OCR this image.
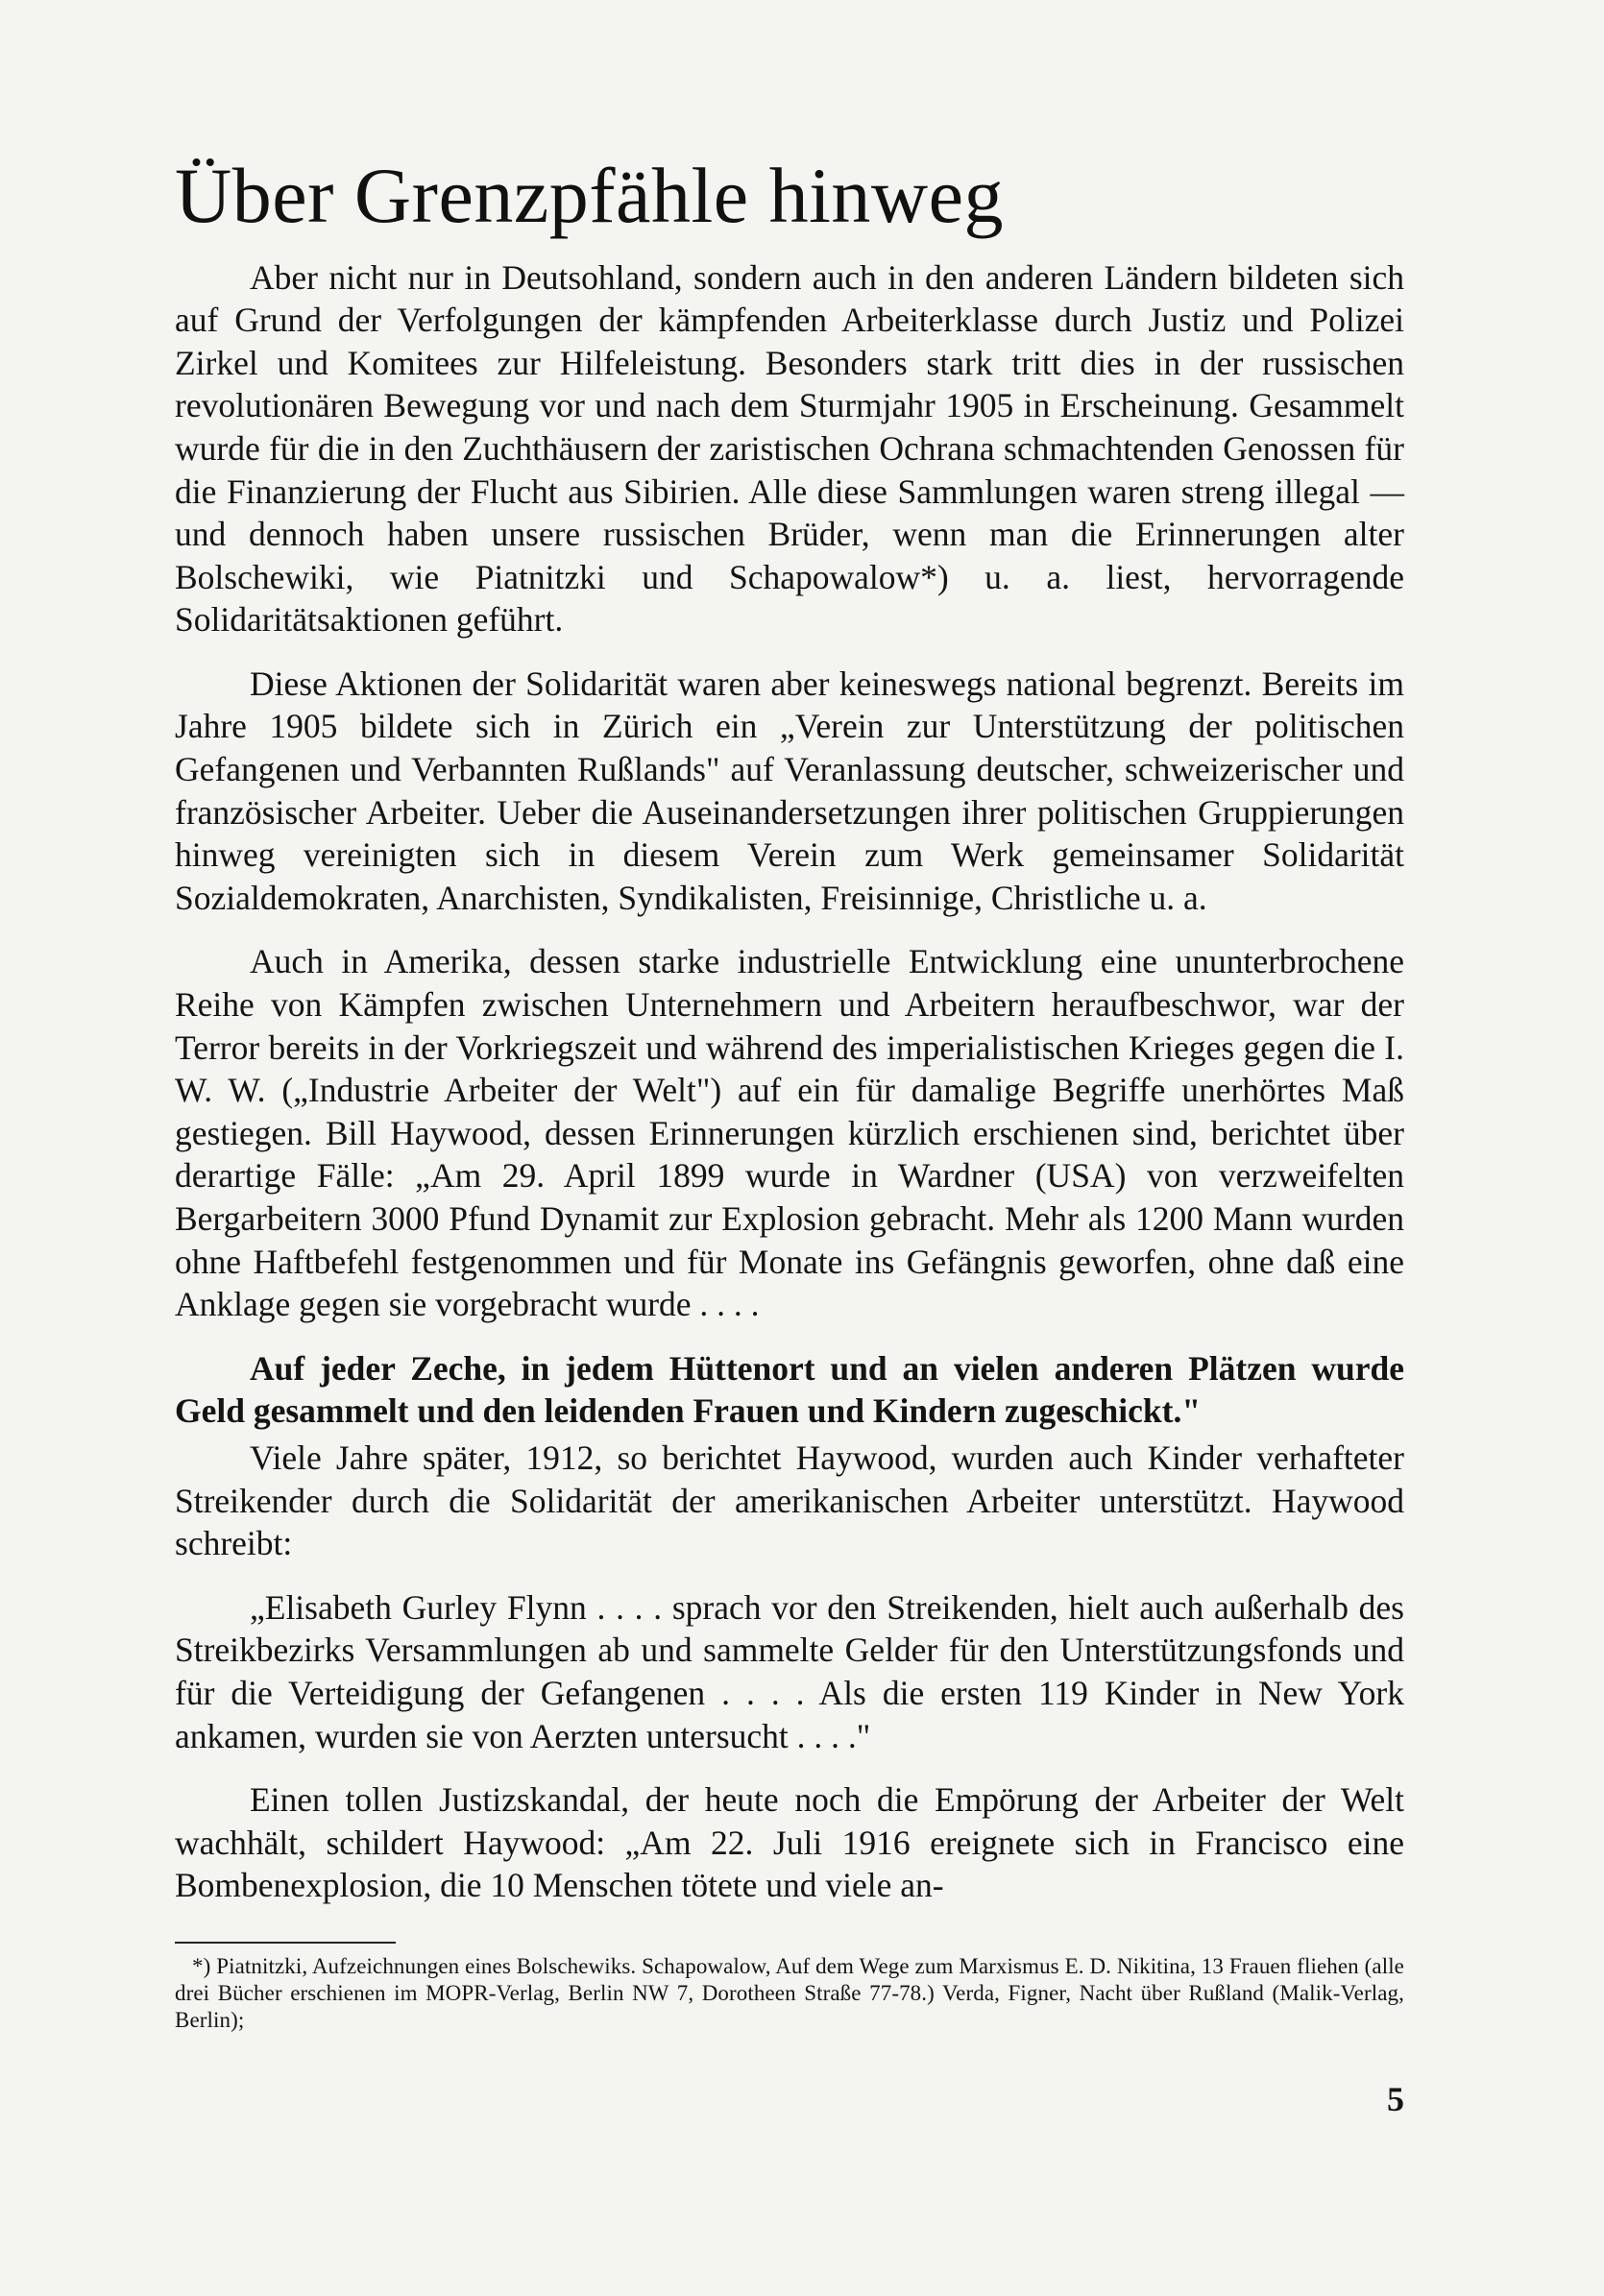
Über Grenzpfähle hinweg

Aber nicht nur in Deutsohland, sondern auch in den anderen Ländern bildeten sich auf Grund der Verfolgungen der kämpfenden Arbeiterklasse durch Justiz und Polizei Zirkel und Komitees zur Hilfeleistung. Besonders stark tritt dies in der russischen revolutionären Bewegung vor und nach dem Sturmjahr 1905 in Erscheinung. Gesammelt wurde für die in den Zuchthäusern der zaristischen Ochrana schmachtenden Genossen für die Finanzierung der Flucht aus Sibirien. Alle diese Sammlungen waren streng illegal — und dennoch haben unsere russischen Brüder, wenn man die Erinnerungen alter Bolschewiki, wie Piatnitzki und Schapowalow*) u. a. liest, hervorragende Solidaritätsaktionen geführt.

Diese Aktionen der Solidarität waren aber keineswegs national begrenzt. Bereits im Jahre 1905 bildete sich in Zürich ein „Verein zur Unterstützung der politischen Gefangenen und Verbannten Rußlands" auf Veranlassung deutscher, schweizerischer und französischer Arbeiter. Ueber die Auseinandersetzungen ihrer politischen Gruppierungen hinweg vereinigten sich in diesem Verein zum Werk gemeinsamer Solidarität Sozialdemokraten, Anarchisten, Syndikalisten, Freisinnige, Christliche u. a.

Auch in Amerika, dessen starke industrielle Entwicklung eine ununterbrochene Reihe von Kämpfen zwischen Unternehmern und Arbeitern heraufbeschwor, war der Terror bereits in der Vorkriegszeit und während des imperialistischen Krieges gegen die I. W. W. („Industrie Arbeiter der Welt") auf ein für damalige Begriffe unerhörtes Maß gestiegen. Bill Haywood, dessen Erinnerungen kürzlich erschienen sind, berichtet über derartige Fälle: „Am 29. April 1899 wurde in Wardner (USA) von verzweifelten Bergarbeitern 3000 Pfund Dynamit zur Explosion gebracht. Mehr als 1200 Mann wurden ohne Haftbefehl festgenommen und für Monate ins Gefängnis geworfen, ohne daß eine Anklage gegen sie vorgebracht wurde . . . .

Auf jeder Zeche, in jedem Hüttenort und an vielen anderen Plätzen wurde Geld gesammelt und den leidenden Frauen und Kindern zugeschickt."

Viele Jahre später, 1912, so berichtet Haywood, wurden auch Kinder verhafteter Streikender durch die Solidarität der amerikanischen Arbeiter unterstützt. Haywood schreibt:

„Elisabeth Gurley Flynn . . . . sprach vor den Streikenden, hielt auch außerhalb des Streikbezirks Versammlungen ab und sammelte Gelder für den Unterstützungsfonds und für die Verteidigung der Gefangenen . . . . Als die ersten 119 Kinder in New York ankamen, wurden sie von Aerzten untersucht . . . ."

Einen tollen Justizskandal, der heute noch die Empörung der Arbeiter der Welt wachhält, schildert Haywood: „Am 22. Juli 1916 ereignete sich in Francisco eine Bombenexplosion, die 10 Menschen tötete und viele an-

*) Piatnitzki, Aufzeichnungen eines Bolschewiks. Schapowalow, Auf dem Wege zum Marxismus E. D. Nikitina, 13 Frauen fliehen (alle drei Bücher erschienen im MOPR-Verlag, Berlin NW 7, Dorotheen Straße 77-78.) Verda, Figner, Nacht über Rußland (Malik-Verlag, Berlin);

5
